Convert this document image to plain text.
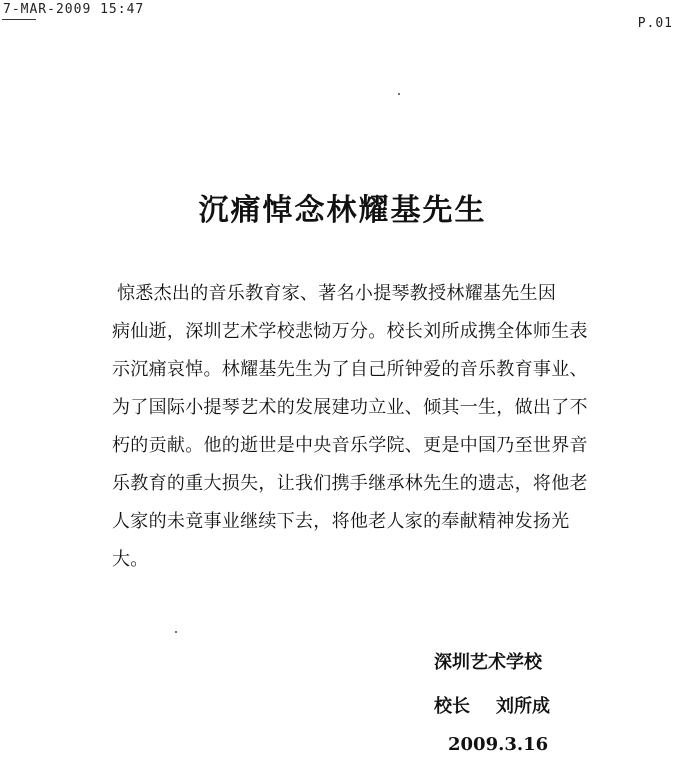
7-MAR-2009 15:47
P.01
沉痛悼念林耀基先生
惊悉杰出的音乐教育家、著名小提琴教授林耀基先生因
病仙逝，深圳艺术学校悲恸万分。校长刘所成携全体师生表
示沉痛哀悼。林耀基先生为了自己所钟爱的音乐教育事业、
为了国际小提琴艺术的发展建功立业、倾其一生，做出了不
朽的贡献。他的逝世是中央音乐学院、更是中国乃至世界音
乐教育的重大损失，让我们携手继承林先生的遗志，将他老
人家的未竟事业继续下去，将他老人家的奉献精神发扬光
大。
深圳艺术学校
校长 刘所成
2009.3.16
